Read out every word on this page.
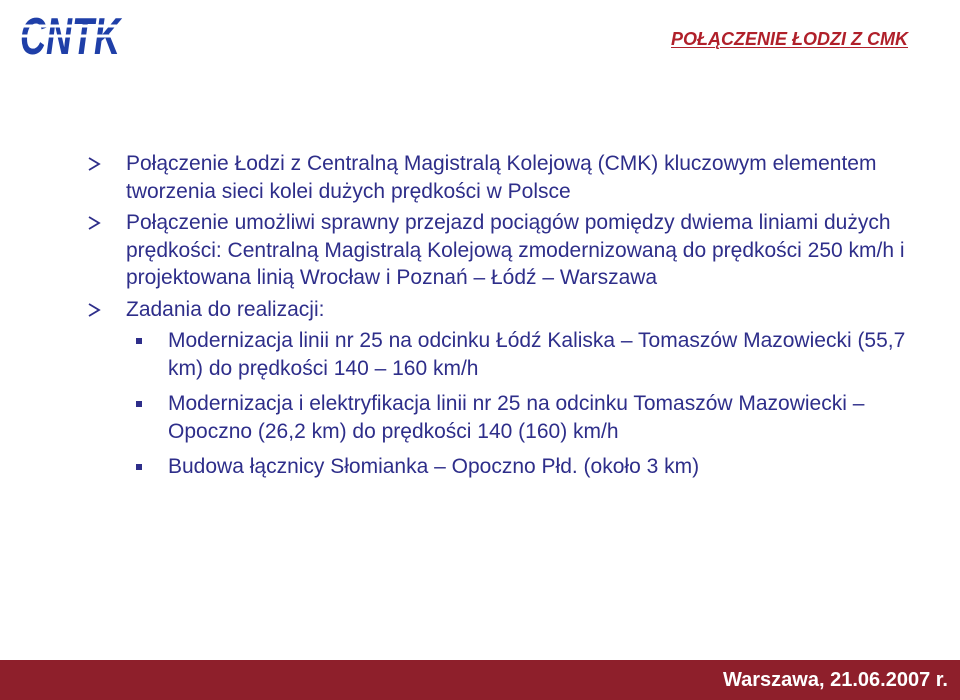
CNTK	POŁĄCZENIE ŁODZI Z CMK
Połączenie Łodzi z Centralną Magistralą Kolejową (CMK) kluczowym elementem tworzenia sieci kolei dużych prędkości w Polsce
Połączenie umożliwi sprawny przejazd pociągów pomiędzy dwiema liniami dużych prędkości: Centralną Magistralą Kolejową zmodernizowaną do prędkości 250 km/h i projektowana linią Wrocław i Poznań – Łódź – Warszawa
Zadania do realizacji:
Modernizacja linii nr 25 na odcinku Łódź Kaliska – Tomaszów Mazowiecki (55,7 km) do prędkości 140 – 160 km/h
Modernizacja i elektryfikacja linii nr 25 na odcinku Tomaszów Mazowiecki – Opoczno (26,2 km) do prędkości 140 (160) km/h
Budowa łącznicy Słomianka – Opoczno Płd. (około 3 km)
Warszawa, 21.06.2007 r.
